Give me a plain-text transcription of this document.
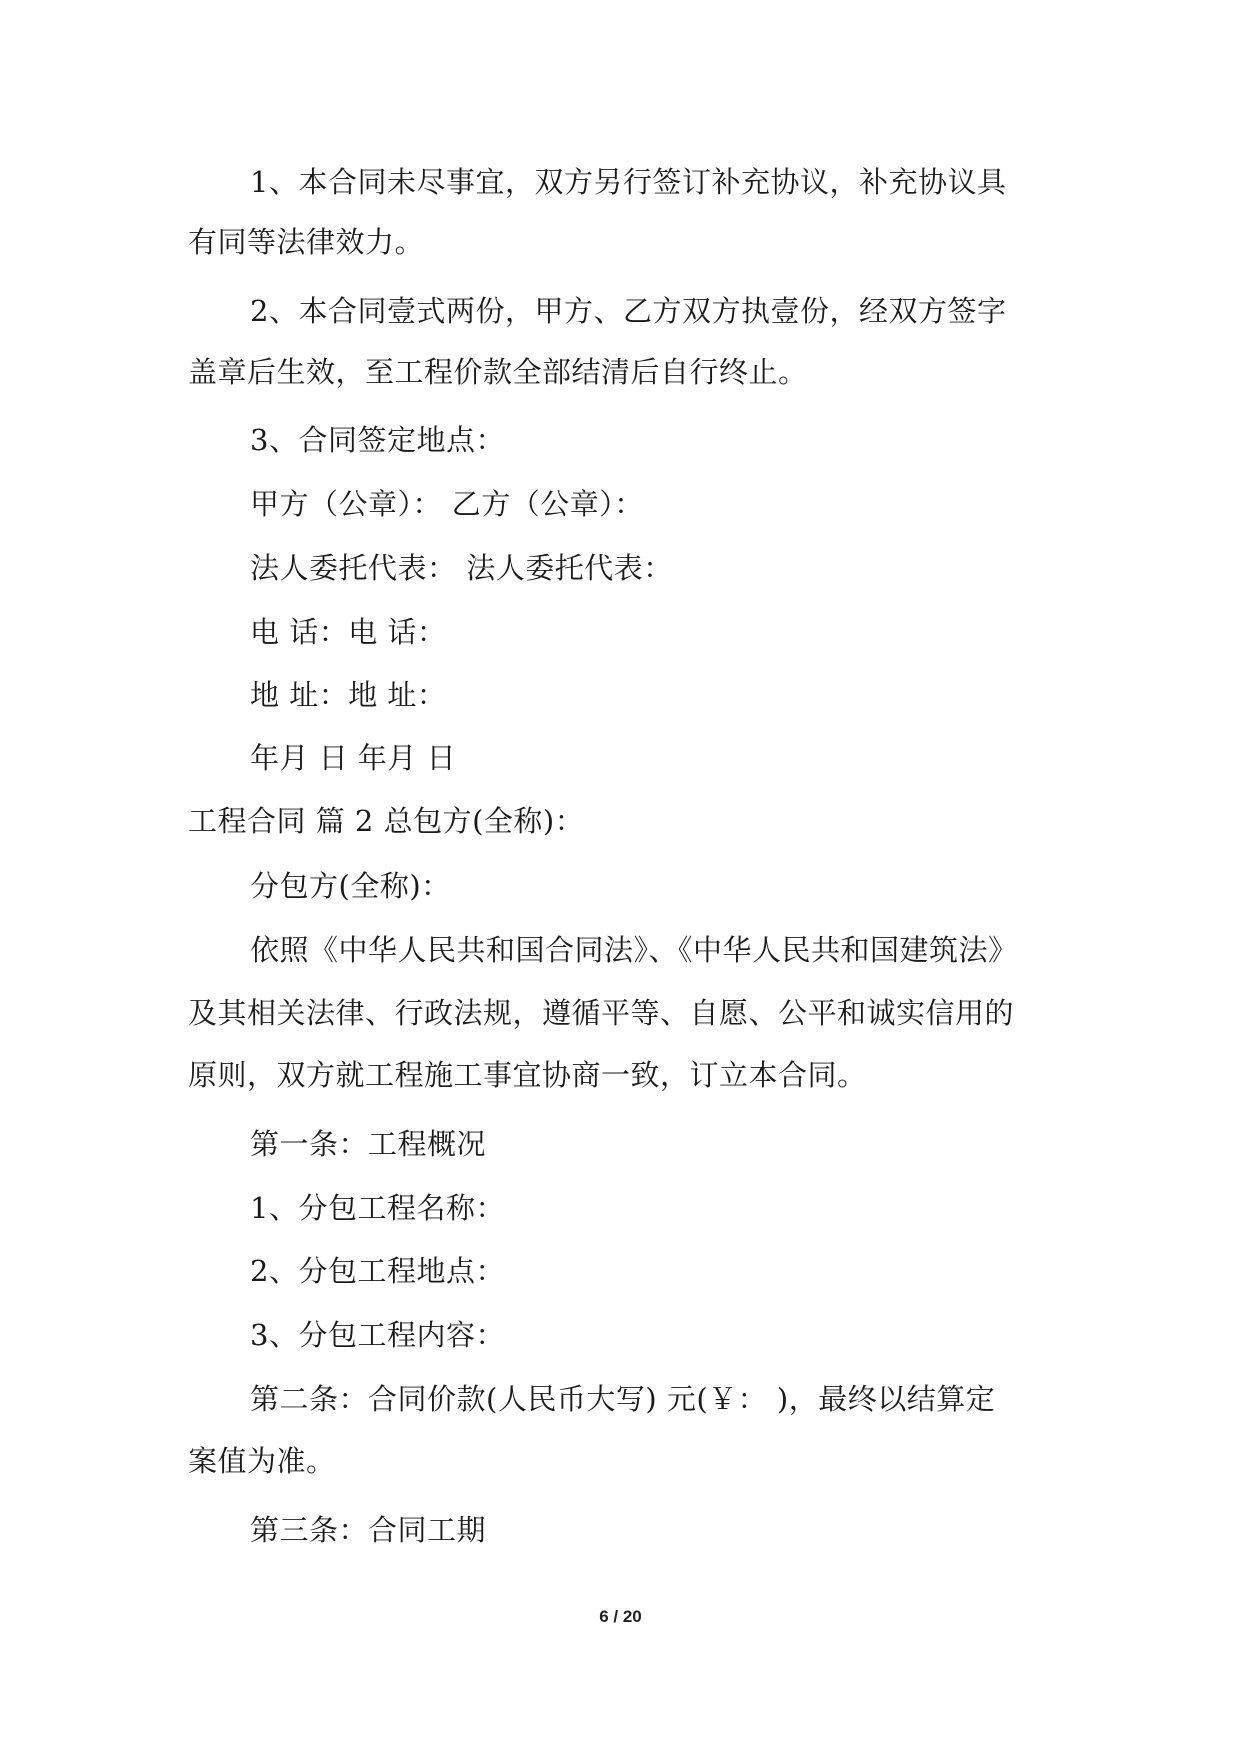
1、本合同未尽事宜，双方另行签订补充协议，补充协议具
有同等法律效力。
2、本合同壹式两份，甲方、乙方双方执壹份，经双方签字
盖章后生效，至工程价款全部结清后自行终止。
3、合同签定地点：
甲方（公章）： 乙方（公章）：
法人委托代表： 法人委托代表：
电 话：电 话：
地 址：地 址：
年月 日 年月 日
工程合同 篇 2 总包方(全称)：
分包方(全称)：
依照《中华人民共和国合同法》、《中华人民共和国建筑法》
及其相关法律、行政法规，遵循平等、自愿、公平和诚实信用的
原则，双方就工程施工事宜协商一致，订立本合同。
第一条：工程概况
1、分包工程名称：
2、分包工程地点：
3、分包工程内容：
第二条：合同价款(人民币大写) 元(￥： )，最终以结算定
案值为准。
第三条：合同工期
6 / 20
